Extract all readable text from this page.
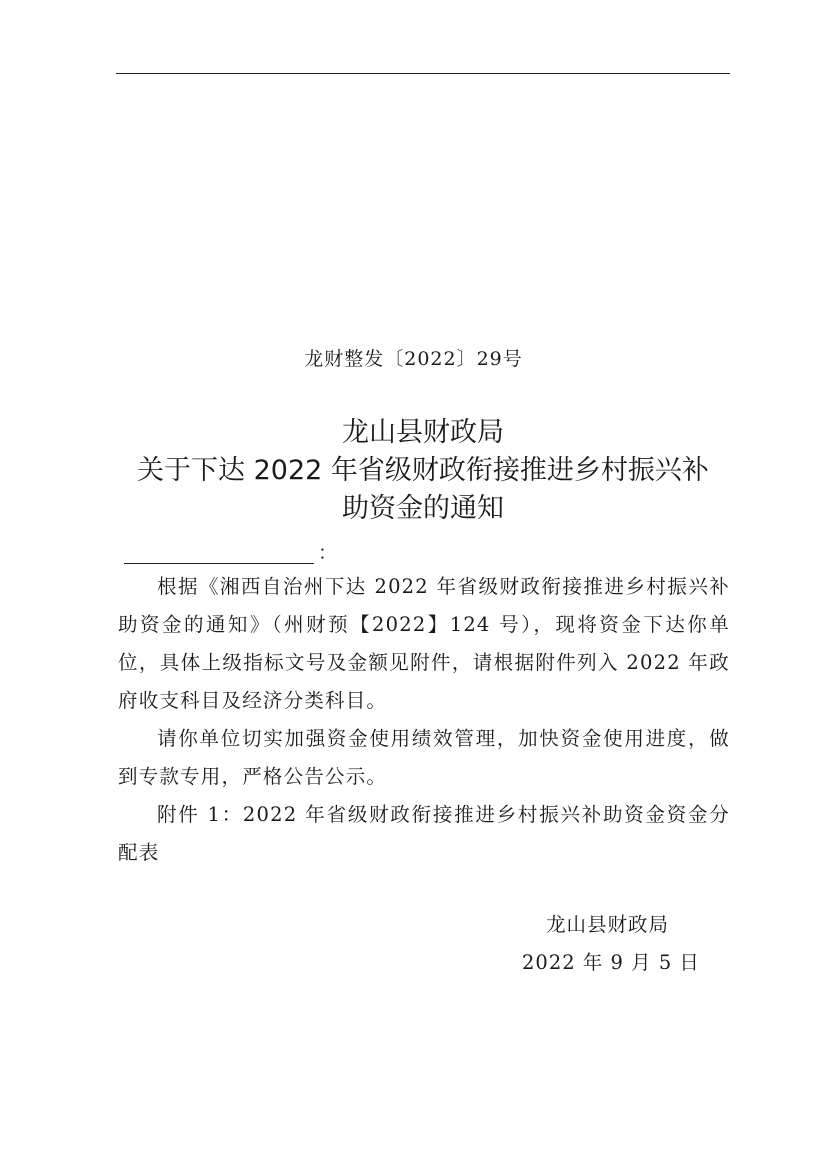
龙财整发〔2022〕29号
龙山县财政局
关于下达 2022 年省级财政衔接推进乡村振兴补
助资金的通知
：

根据《湘西自治州下达 2022 年省级财政衔接推进乡村振兴补助资金的通知》（州财预【2022】124 号），现将资金下达你单位，具体上级指标文号及金额见附件，请根据附件列入 2022 年政府收支科目及经济分类科目。

请你单位切实加强资金使用绩效管理，加快资金使用进度，做到专款专用，严格公告公示。

附件 1：2022 年省级财政衔接推进乡村振兴补助资金资金分配表

龙山县财政局
2022 年 9 月 5 日
